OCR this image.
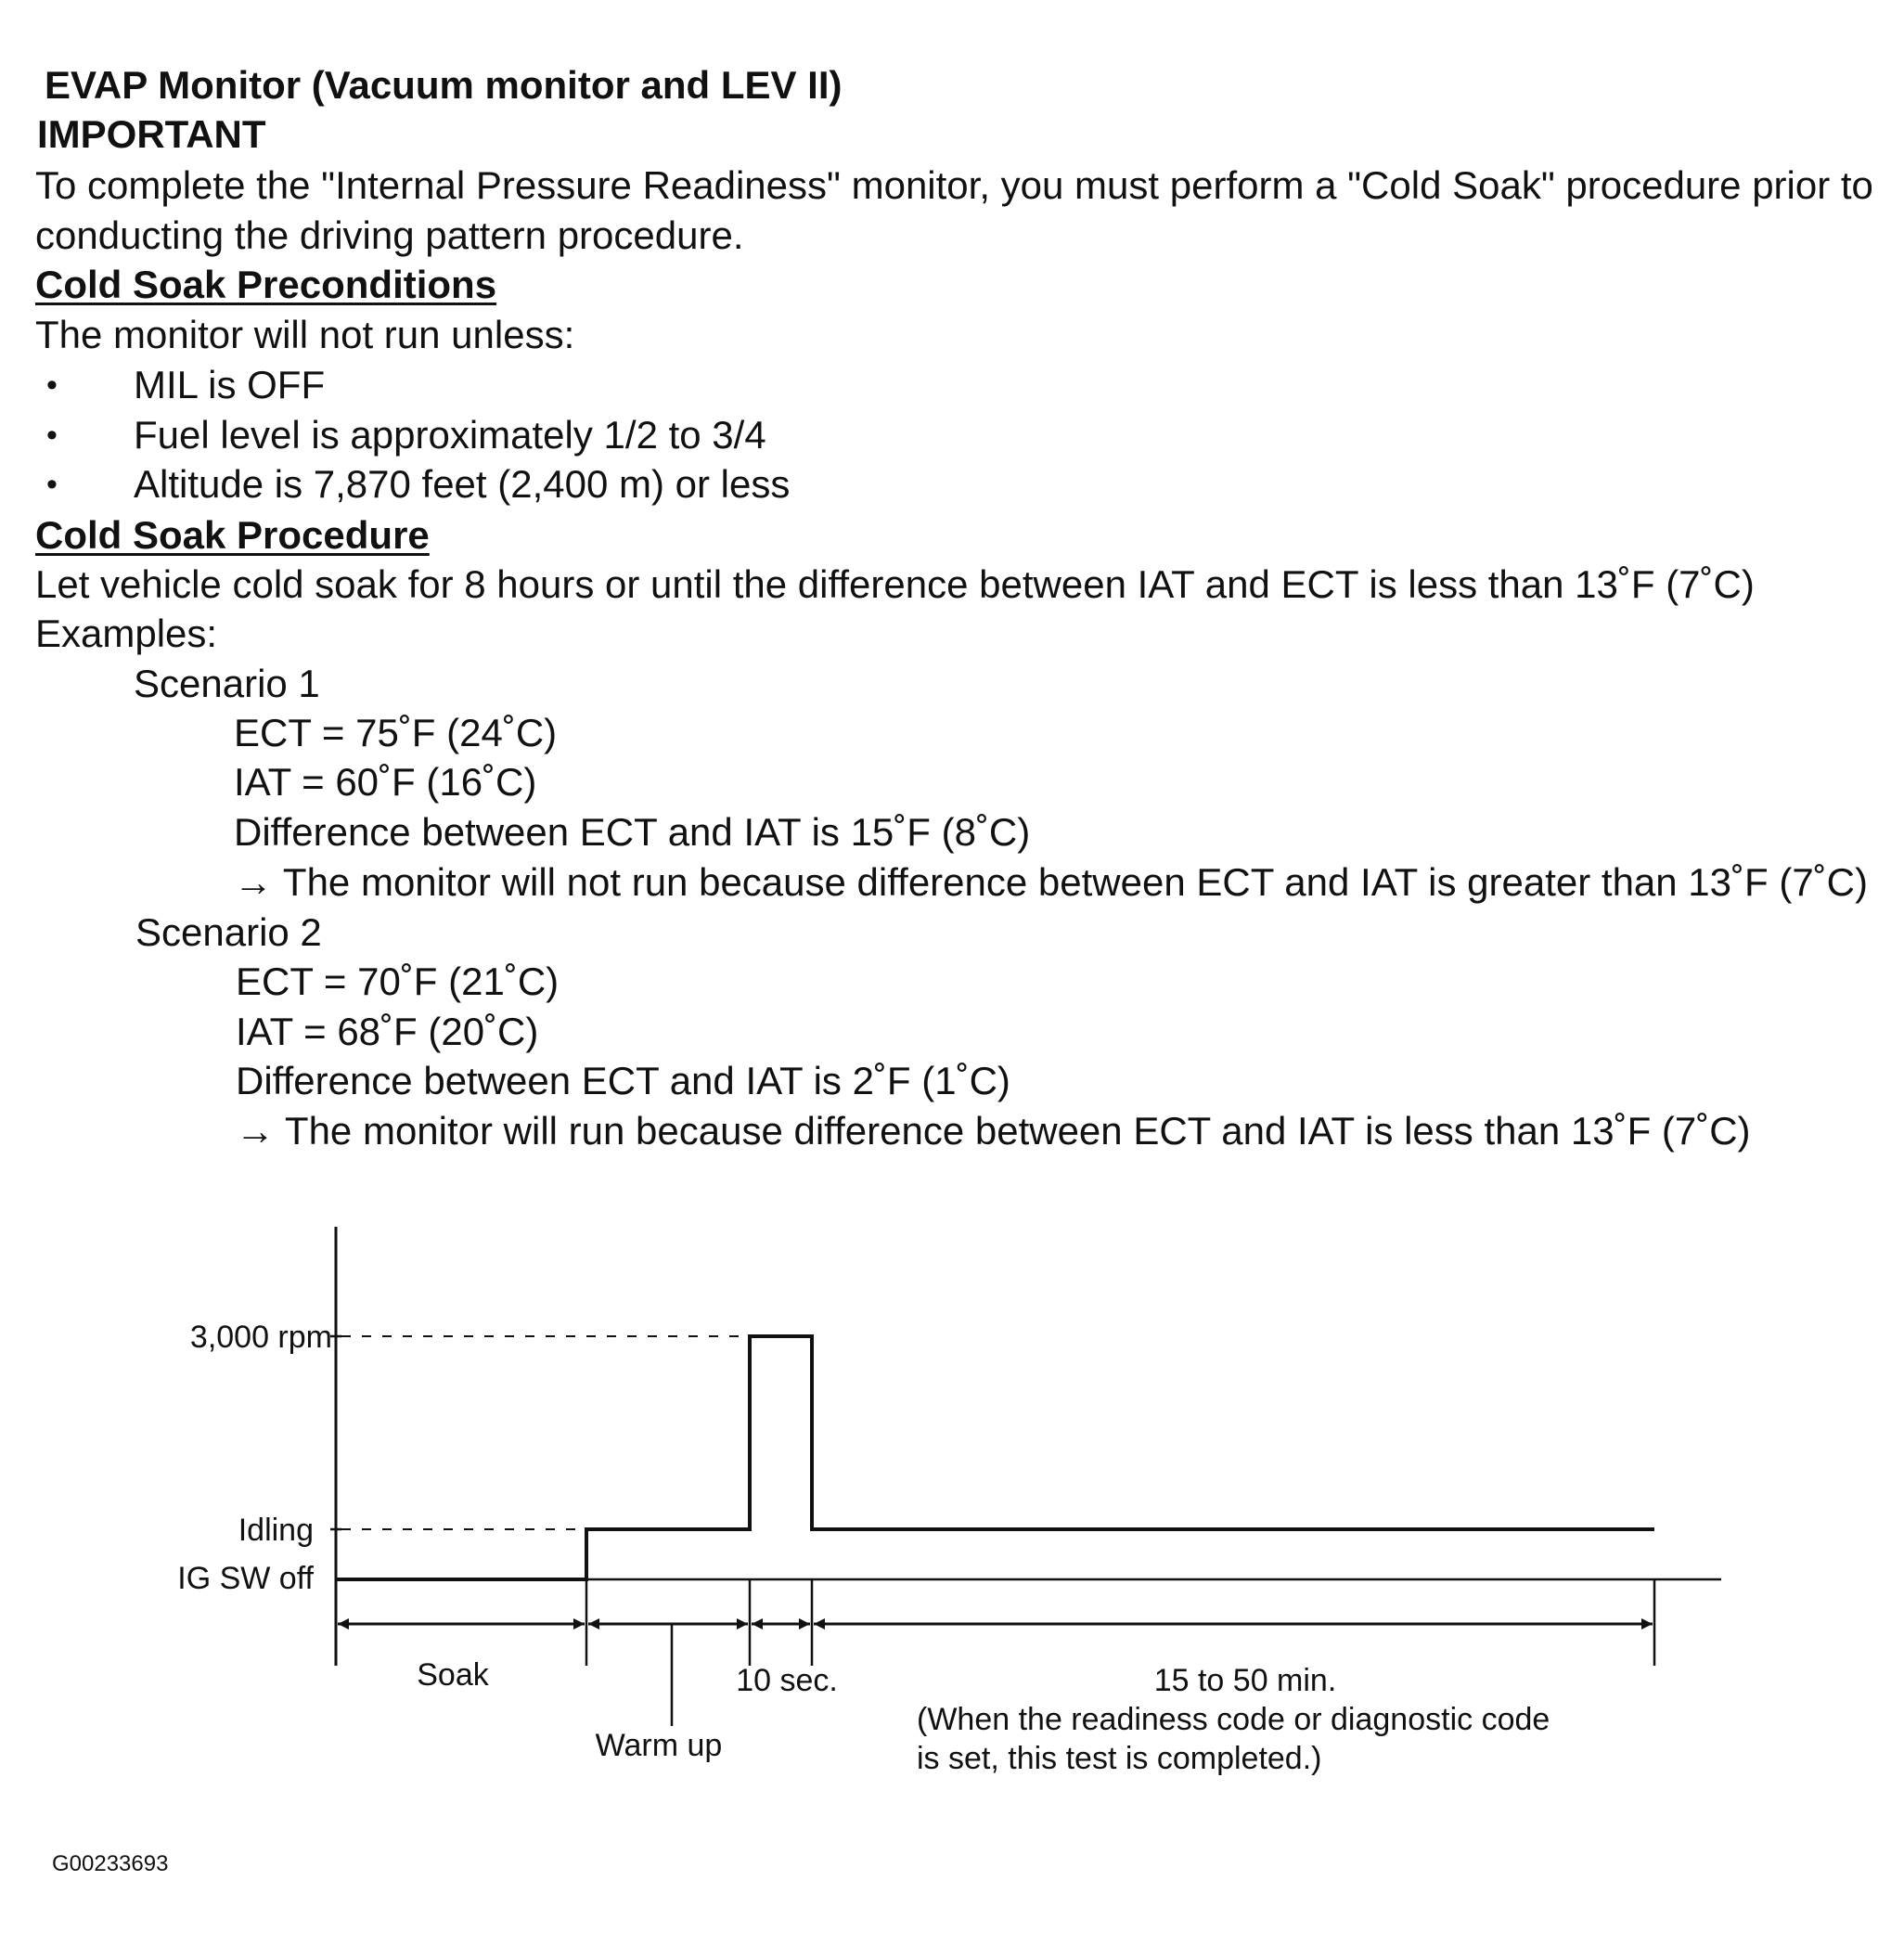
EVAP Monitor (Vacuum monitor and LEV II)
IMPORTANT
To complete the "Internal Pressure Readiness" monitor, you must perform a "Cold Soak" procedure prior to
conducting the driving pattern procedure.
Cold Soak Preconditions
The monitor will not run unless:
• MIL is OFF
• Fuel level is approximately 1/2 to 3/4
• Altitude is 7,870 feet (2,400 m) or less
Cold Soak Procedure
Let vehicle cold soak for 8 hours or until the difference between IAT and ECT is less than 13˚F (7˚C)
Examples:
Scenario 1
ECT = 75˚F (24˚C)
IAT = 60˚F (16˚C)
Difference between ECT and IAT is 15˚F (8˚C)
→ The monitor will not run because difference between ECT and IAT is greater than 13˚F (7˚C)
Scenario 2
ECT = 70˚F (21˚C)
IAT = 68˚F (20˚C)
Difference between ECT and IAT is 2˚F (1˚C)
→ The monitor will run because difference between ECT and IAT is less than 13˚F (7˚C)
3,000 rpm
Idling
IG SW off
Soak
Warm up
10 sec.	15 to 50 min.
(When the readiness code or diagnostic code
is set, this test is completed.)
G00233693
